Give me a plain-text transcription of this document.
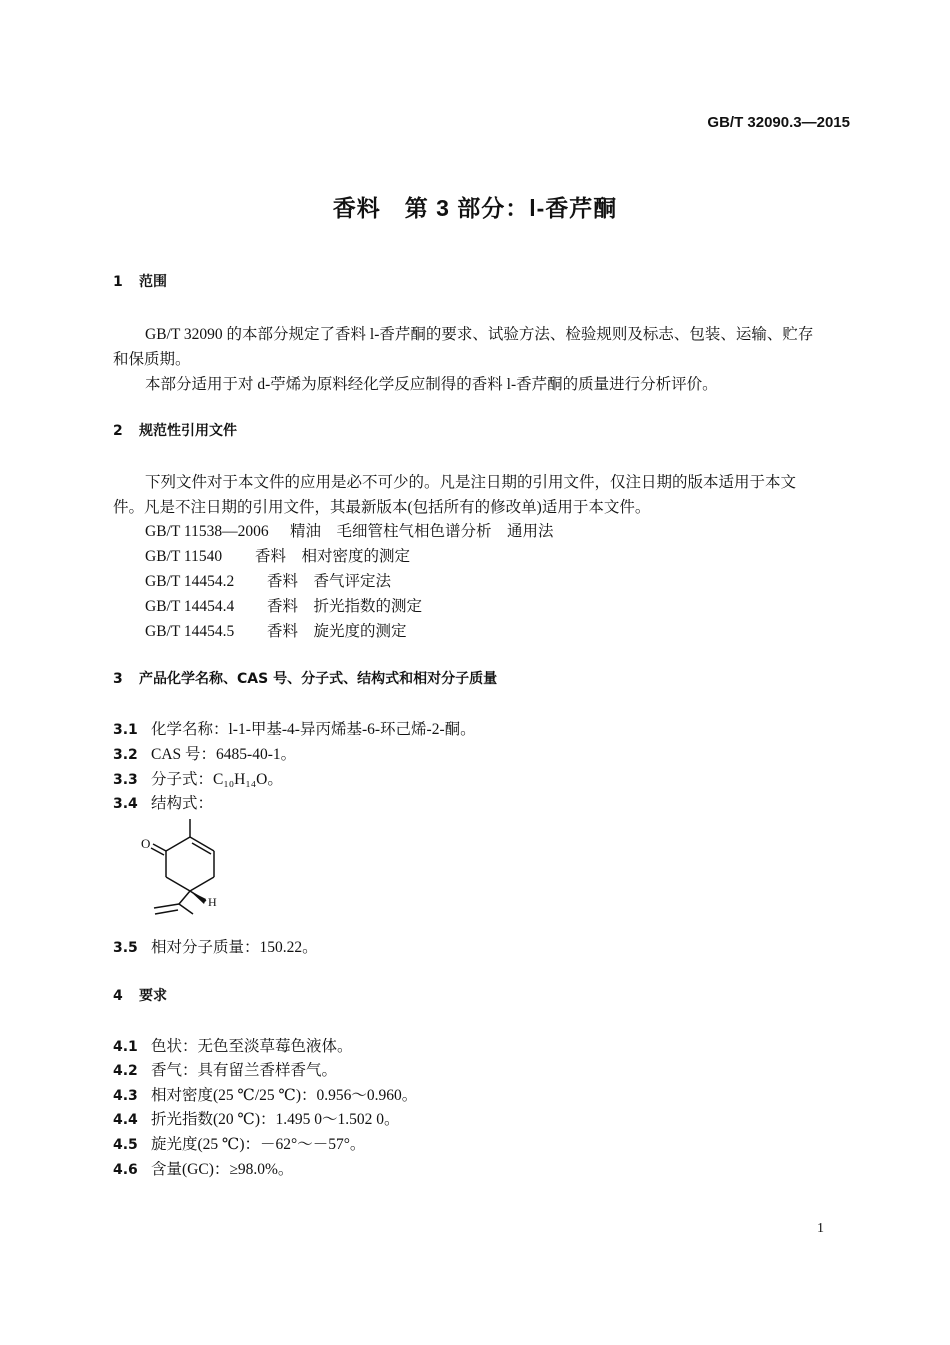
GB/T 32090.3—2015
香料　第 3 部分：l-香芹酮
1 范围
GB/T 32090 的本部分规定了香料 l-香芹酮的要求、试验方法、检验规则及标志、包装、运输、贮存
和保质期。
本部分适用于对 d-苧烯为原料经化学反应制得的香料 l-香芹酮的质量进行分析评价。
2 规范性引用文件
下列文件对于本文件的应用是必不可少的。凡是注日期的引用文件，仅注日期的版本适用于本文
件。凡是不注日期的引用文件，其最新版本(包括所有的修改单)适用于本文件。
GB/T 11538—2006 精油　毛细管柱气相色谱分析　通用法
GB/T 11540 香料　相对密度的测定
GB/T 14454.2 香料　香气评定法
GB/T 14454.4 香料　折光指数的测定
GB/T 14454.5 香料　旋光度的测定
3 产品化学名称、CAS 号、分子式、结构式和相对分子质量
3.1 化学名称：l-1-甲基-4-异丙烯基-6-环己烯-2-酮。
3.2 CAS 号：6485-40-1。
3.3 分子式：C₁₀H₁₄O。
3.4 结构式：
O
H
3.5 相对分子质量：150.22。
4 要求
4.1 色状：无色至淡草莓色液体。
4.2 香气：具有留兰香样香气。
4.3 相对密度(25 ℃/25 ℃)：0.956～0.960。
4.4 折光指数(20 ℃)：1.495 0～1.502 0。
4.5 旋光度(25 ℃)：－62°～－57°。
4.6 含量(GC)：≥98.0%。
1
